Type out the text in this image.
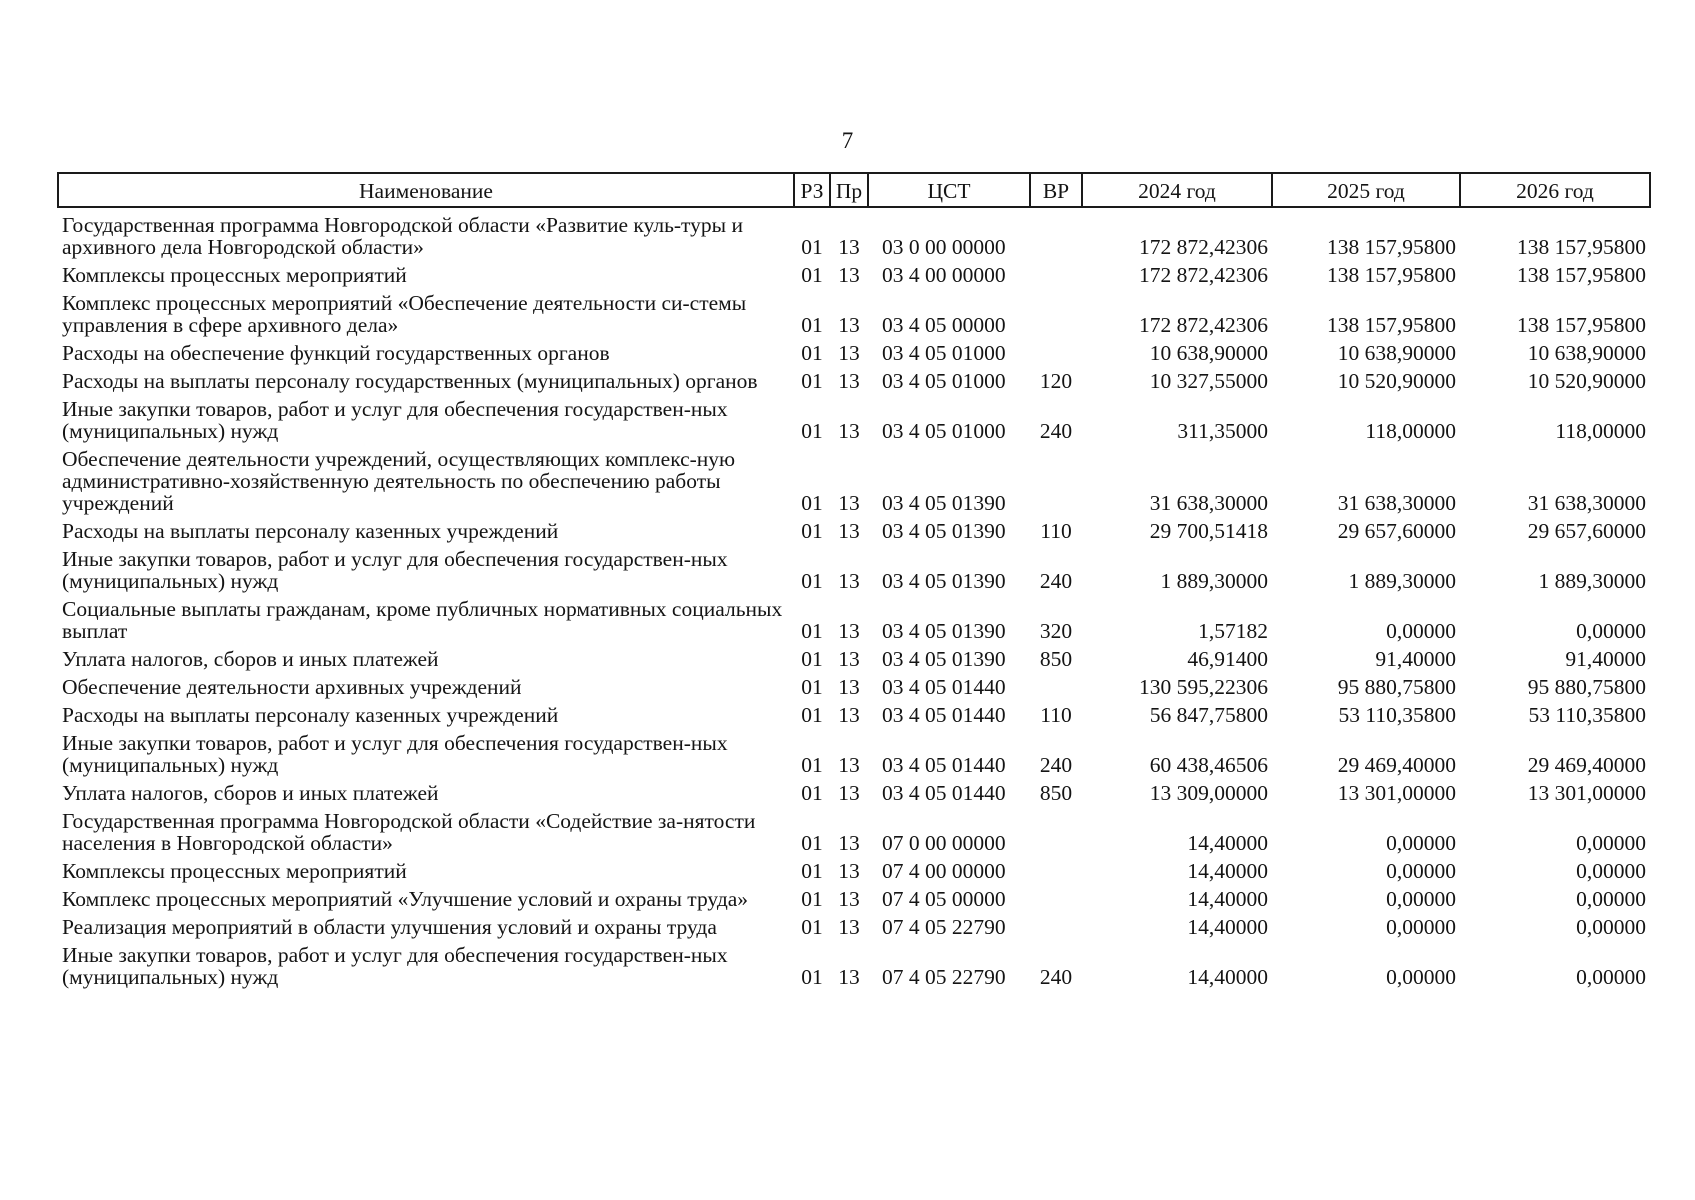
7
Наименование	РЗ	Пр	ЦСТ	ВР	2024 год	2025 год	2026 год
Государственная программа Новгородской области «Развитие куль-туры и архивного дела Новгородской области»	01	13	03 0 00 00000		172 872,42306	138 157,95800	138 157,95800
Комплексы процессных мероприятий	01	13	03 4 00 00000		172 872,42306	138 157,95800	138 157,95800
Комплекс процессных мероприятий «Обеспечение деятельности си-стемы управления в сфере архивного дела»	01	13	03 4 05 00000		172 872,42306	138 157,95800	138 157,95800
Расходы на обеспечение функций государственных органов	01	13	03 4 05 01000		10 638,90000	10 638,90000	10 638,90000
Расходы на выплаты персоналу государственных (муниципальных) органов	01	13	03 4 05 01000	120	10 327,55000	10 520,90000	10 520,90000
Иные закупки товаров, работ и услуг для обеспечения государствен-ных (муниципальных) нужд	01	13	03 4 05 01000	240	311,35000	118,00000	118,00000
Обеспечение деятельности учреждений, осуществляющих комплекс-ную административно-хозяйственную деятельность по обеспечению работы учреждений	01	13	03 4 05 01390		31 638,30000	31 638,30000	31 638,30000
Расходы на выплаты персоналу казенных учреждений	01	13	03 4 05 01390	110	29 700,51418	29 657,60000	29 657,60000
Иные закупки товаров, работ и услуг для обеспечения государствен-ных (муниципальных) нужд	01	13	03 4 05 01390	240	1 889,30000	1 889,30000	1 889,30000
Социальные выплаты гражданам, кроме публичных нормативных социальных выплат	01	13	03 4 05 01390	320	1,57182	0,00000	0,00000
Уплата налогов, сборов и иных платежей	01	13	03 4 05 01390	850	46,91400	91,40000	91,40000
Обеспечение деятельности архивных учреждений	01	13	03 4 05 01440		130 595,22306	95 880,75800	95 880,75800
Расходы на выплаты персоналу казенных учреждений	01	13	03 4 05 01440	110	56 847,75800	53 110,35800	53 110,35800
Иные закупки товаров, работ и услуг для обеспечения государствен-ных (муниципальных) нужд	01	13	03 4 05 01440	240	60 438,46506	29 469,40000	29 469,40000
Уплата налогов, сборов и иных платежей	01	13	03 4 05 01440	850	13 309,00000	13 301,00000	13 301,00000
Государственная программа Новгородской области «Содействие за-нятости населения в Новгородской области»	01	13	07 0 00 00000		14,40000	0,00000	0,00000
Комплексы процессных мероприятий	01	13	07 4 00 00000		14,40000	0,00000	0,00000
Комплекс процессных мероприятий «Улучшение условий и охраны труда»	01	13	07 4 05 00000		14,40000	0,00000	0,00000
Реализация мероприятий в области улучшения условий и охраны труда	01	13	07 4 05 22790		14,40000	0,00000	0,00000
Иные закупки товаров, работ и услуг для обеспечения государствен-ных (муниципальных) нужд	01	13	07 4 05 22790	240	14,40000	0,00000	0,00000
